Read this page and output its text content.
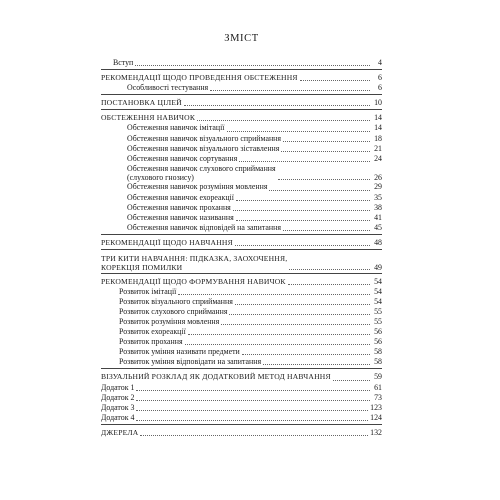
ЗМІСТ
Вступ	4
РЕКОМЕНДАЦІЇ ЩОДО ПРОВЕДЕННЯ ОБСТЕЖЕННЯ	6
Особливості тестування	6
ПОСТАНОВКА ЦІЛЕЙ	10
ОБСТЕЖЕННЯ НАВИЧОК	14
Обстеження навичок імітації	14
Обстеження навичок візуального сприймання	18
Обстеження навичок візуального зіставлення	21
Обстеження навичок сортування	24
Обстеження навичок слухового сприймання
(слухового гнозису)	26
Обстеження навичок розуміння мовлення	29
Обстеження навичок ехореакції	35
Обстеження навичок прохання	38
Обстеження навичок називання	41
Обстеження навичок відповідей на запитання	45
РЕКОМЕНДАЦІЇ ЩОДО НАВЧАННЯ	48
ТРИ КИТИ НАВЧАННЯ: ПІДКАЗКА, ЗАОХОЧЕННЯ,
КОРЕКЦІЯ ПОМИЛКИ	49
РЕКОМЕНДАЦІЇ ЩОДО ФОРМУВАННЯ НАВИЧОК	54
Розвиток імітації	54
Розвиток візуального сприймання	54
Розвиток слухового сприймання	55
Розвиток розуміння мовлення	55
Розвиток ехореакції	56
Розвиток прохання	56
Розвиток уміння називати предмети	58
Розвиток уміння відповідати на запитання	58
ВІЗУАЛЬНИЙ РОЗКЛАД ЯК ДОДАТКОВИЙ МЕТОД НАВЧАННЯ	59
Додаток 1	61
Додаток 2	73
Додаток 3	123
Додаток 4	124
ДЖЕРЕЛА	132
